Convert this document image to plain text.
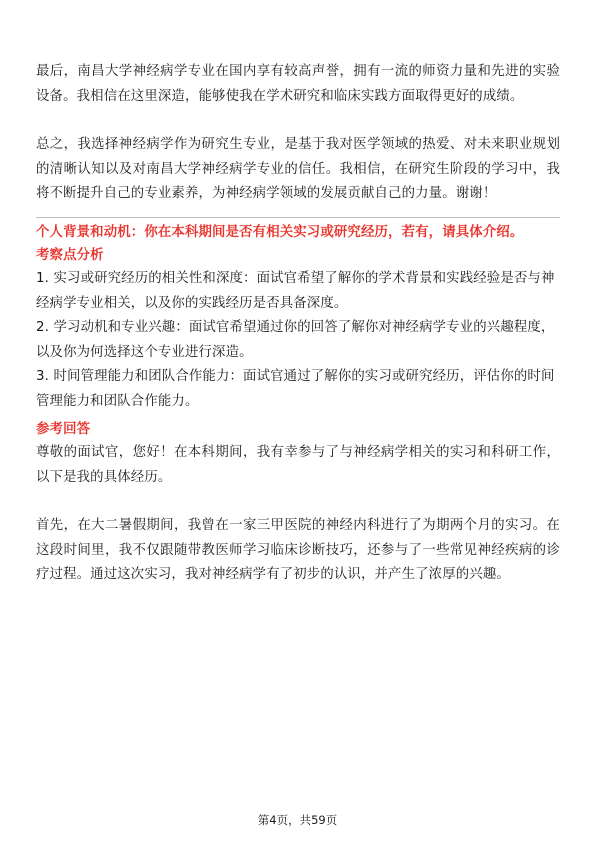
最后，南昌大学神经病学专业在国内享有较高声誉，拥有一流的师资力量和先进的实验设备。我相信在这里深造，能够使我在学术研究和临床实践方面取得更好的成绩。

总之，我选择神经病学作为研究生专业，是基于我对医学领域的热爱、对未来职业规划的清晰认知以及对南昌大学神经病学专业的信任。我相信，在研究生阶段的学习中，我将不断提升自己的专业素养，为神经病学领域的发展贡献自己的力量。谢谢！

个人背景和动机：你在本科期间是否有相关实习或研究经历，若有，请具体介绍。

考察点分析

1. 实习或研究经历的相关性和深度：面试官希望了解你的学术背景和实践经验是否与神经病学专业相关，以及你的实践经历是否具备深度。

2. 学习动机和专业兴趣：面试官希望通过你的回答了解你对神经病学专业的兴趣程度，以及你为何选择这个专业进行深造。

3. 时间管理能力和团队合作能力：面试官通过了解你的实习或研究经历，评估你的时间管理能力和团队合作能力。

参考回答

尊敬的面试官，您好！在本科期间，我有幸参与了与神经病学相关的实习和科研工作，以下是我的具体经历。

首先，在大二暑假期间，我曾在一家三甲医院的神经内科进行了为期两个月的实习。在这段时间里，我不仅跟随带教医师学习临床诊断技巧，还参与了一些常见神经疾病的诊疗过程。通过这次实习，我对神经病学有了初步的认识，并产生了浓厚的兴趣。

第4页，共59页
